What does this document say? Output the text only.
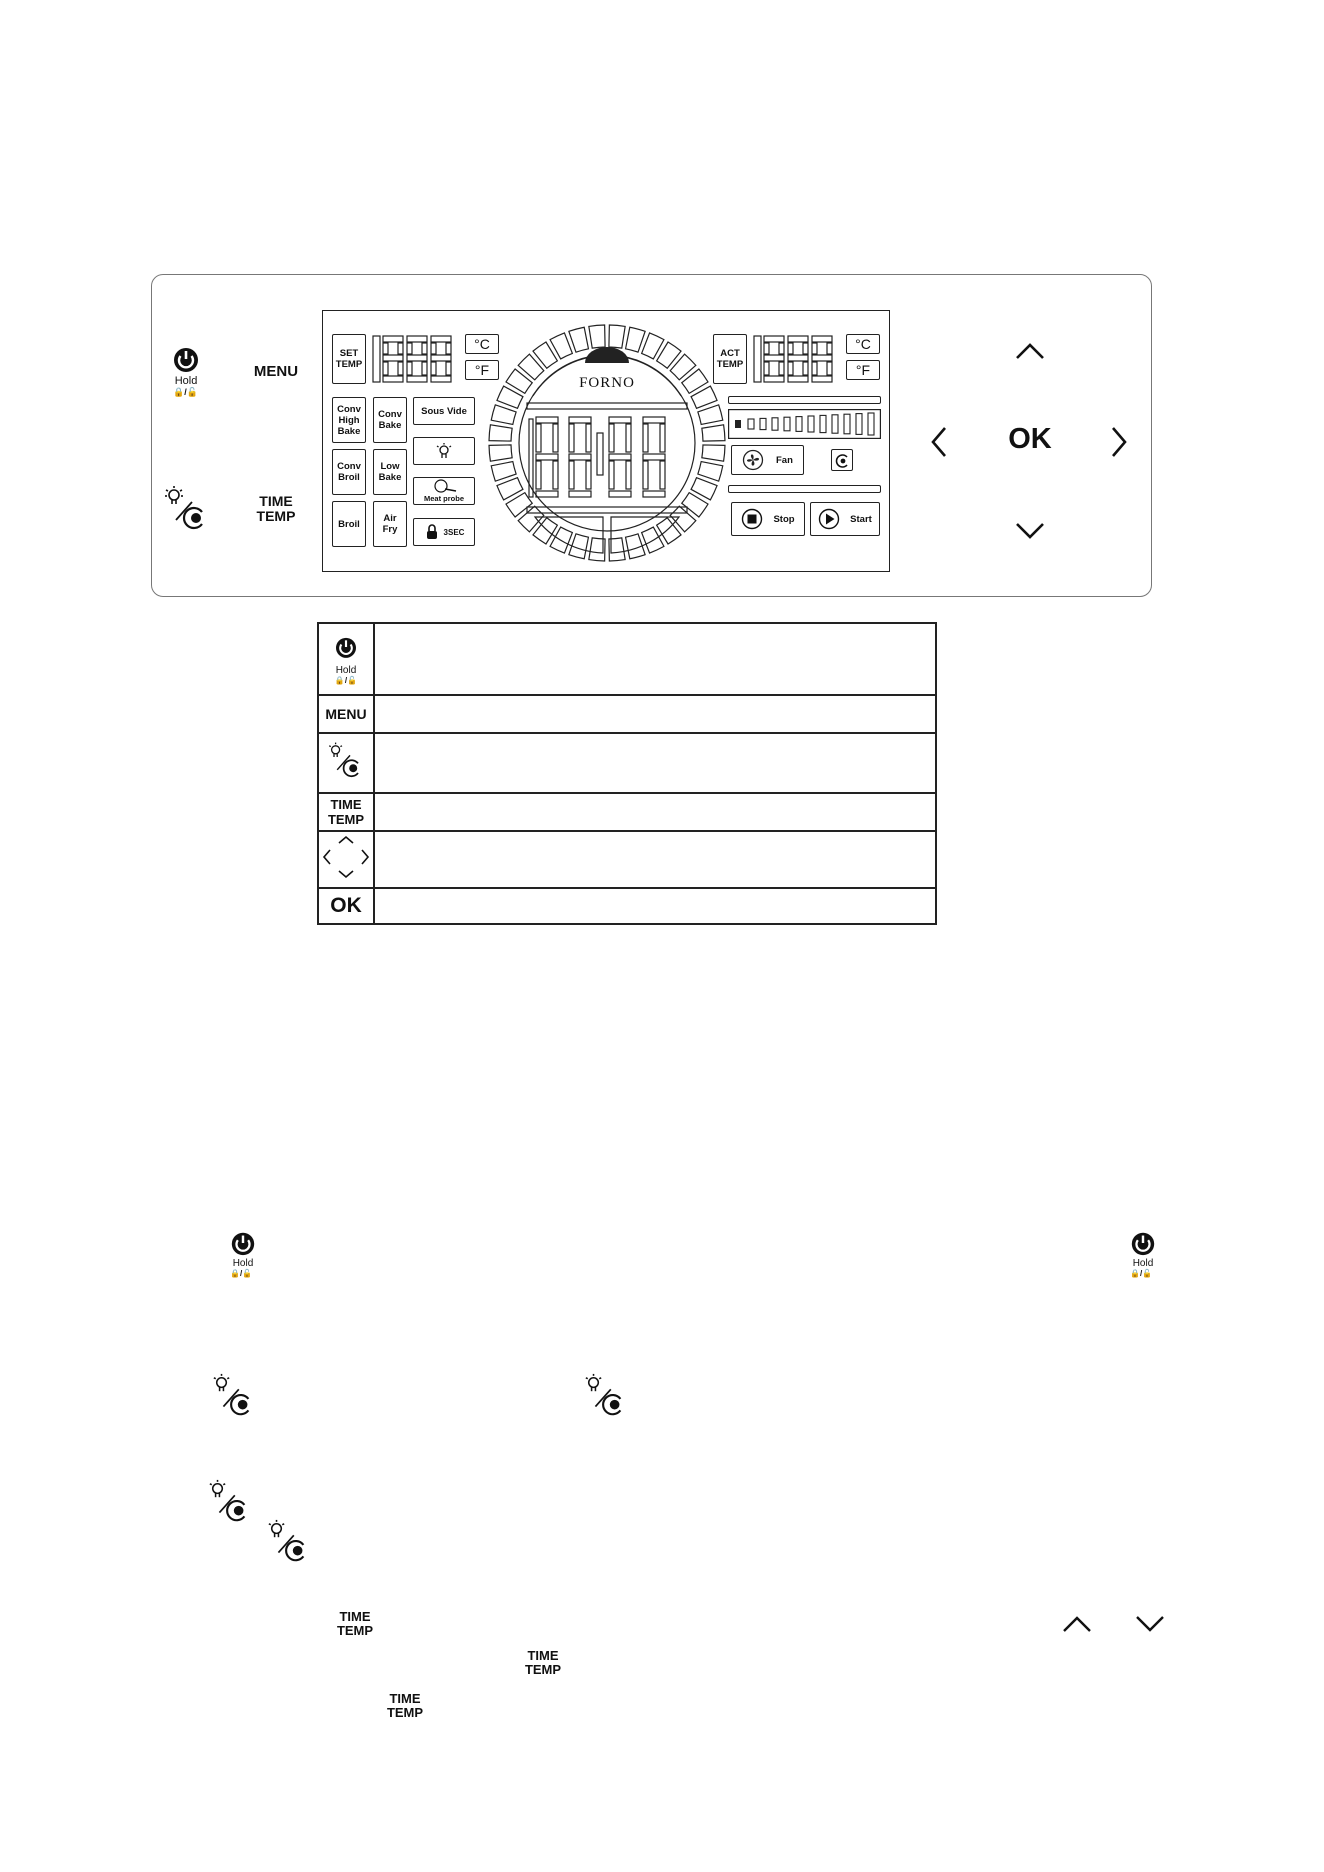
Hold
🔒/🔓
MENU
TIME
TEMP
SET
TEMP
°C
°F
Conv
High
Bake
Conv
Bake
Sous Vide
Conv
Broil
Low
Bake
Meat probe
Broil	Air
Fry	3SEC
FORNO
ACT
TEMP
°C
°F
Fan
Stop	Start
OK
Hold
🔒/🔓	

MENU	

TIME
TEMP	

OK	

Hold
🔒/🔓
Hold
🔒/🔓
TIME
TEMP
TIME
TEMP
TIME
TEMP
